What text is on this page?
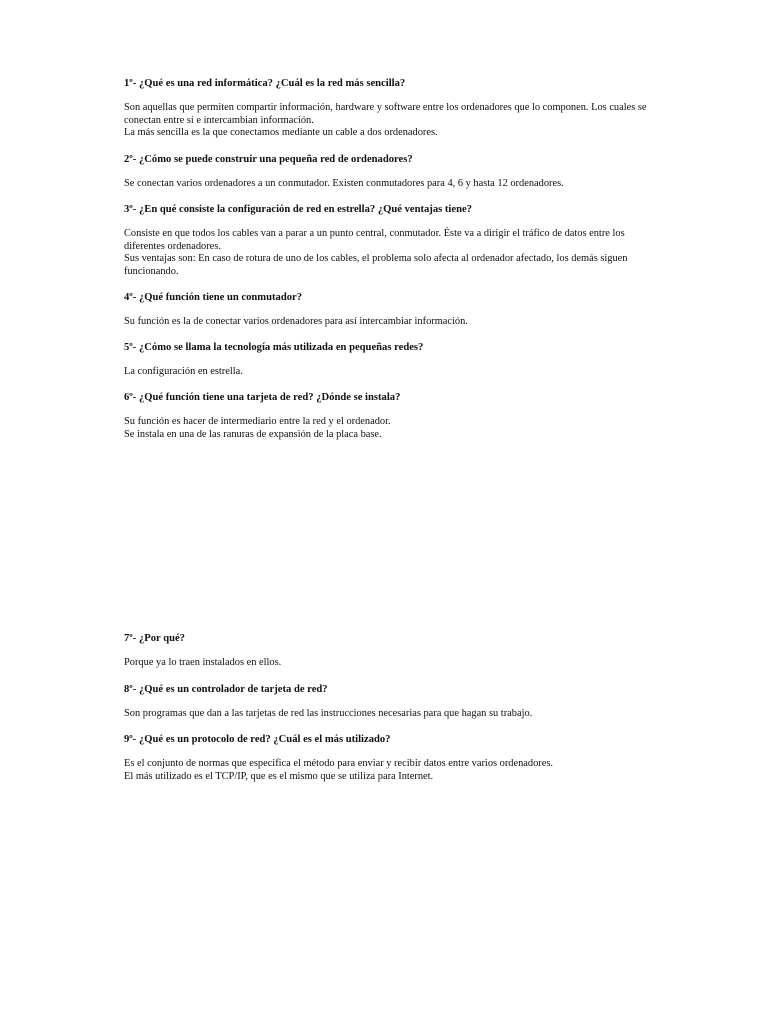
1º- ¿Qué es una red informática? ¿Cuál es la red más sencilla?

Son aquellas que permiten compartir información, hardware y software entre los ordenadores que lo componen. Los cuales se conectan entre sí e intercambian información.
La más sencilla es la que conectamos mediante un cable a dos ordenadores.

2º- ¿Cómo se puede construir una pequeña red de ordenadores?

Se conectan varios ordenadores a un conmutador. Existen conmutadores para 4, 6 y hasta 12 ordenadores.

3º- ¿En qué consiste la configuración de red en estrella? ¿Qué ventajas tiene?

Consiste en que todos los cables van a parar a un punto central, conmutador. Éste va a dirigir el tráfico de datos entre los diferentes ordenadores.
Sus ventajas son: En caso de rotura de uno de los cables, el problema solo afecta al ordenador afectado, los demás siguen funcionando.

4º- ¿Qué función tiene un conmutador?

Su función es la de conectar varios ordenadores para así intercambiar información.

5º- ¿Cómo se llama la tecnología más utilizada en pequeñas redes?

La configuración en estrella.

6º- ¿Qué función tiene una tarjeta de red? ¿Dónde se instala?

Su función es hacer de intermediario entre la red y el ordenador.
Se instala en una de las ranuras de expansión de la placa base.

7º- ¿Por qué?

Porque ya lo traen instalados en ellos.

8º- ¿Qué es un controlador de tarjeta de red?

Son programas que dan a las tarjetas de red las instrucciones necesarias para que hagan su trabajo.

9º- ¿Qué es un protocolo de red? ¿Cuál es el más utilizado?

Es el conjunto de normas que especifica el método para enviar y recibir datos entre varios ordenadores.
El más utilizado es el TCP/IP, que es el mismo que se utiliza para Internet.
